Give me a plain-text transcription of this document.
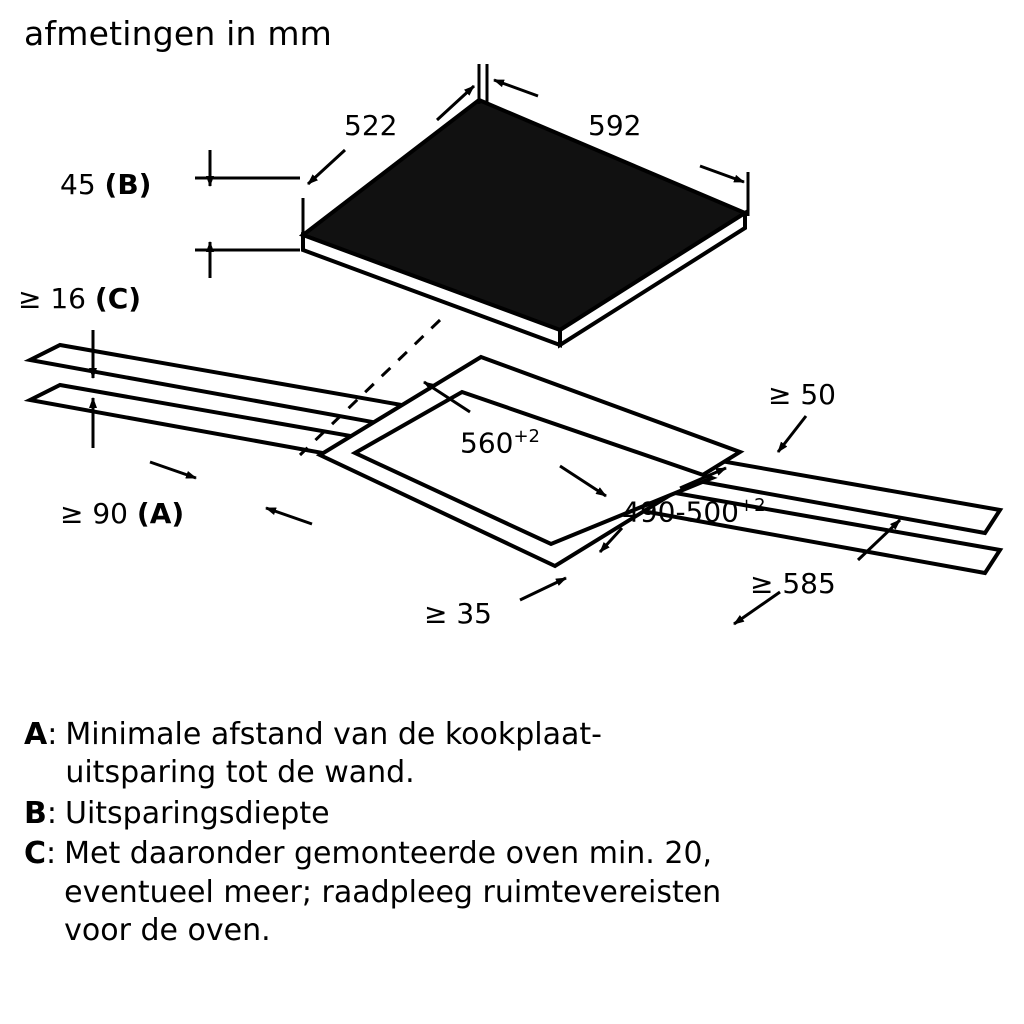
afmetingen in mm
522	592
45 (B)
≥ 16 (C)
≥ 50
$560^{+2}$
$490-500^{+2}$
≥ 90 (A)
≥ 585
≥ 35
A: Minimale afstand van de kookplaat-
uitsparing tot de wand.
B: Uitsparingsdiepte
C: Met daaronder gemonteerde oven min. 20,
eventueel meer; raadpleeg ruimtevereisten
voor de oven.
